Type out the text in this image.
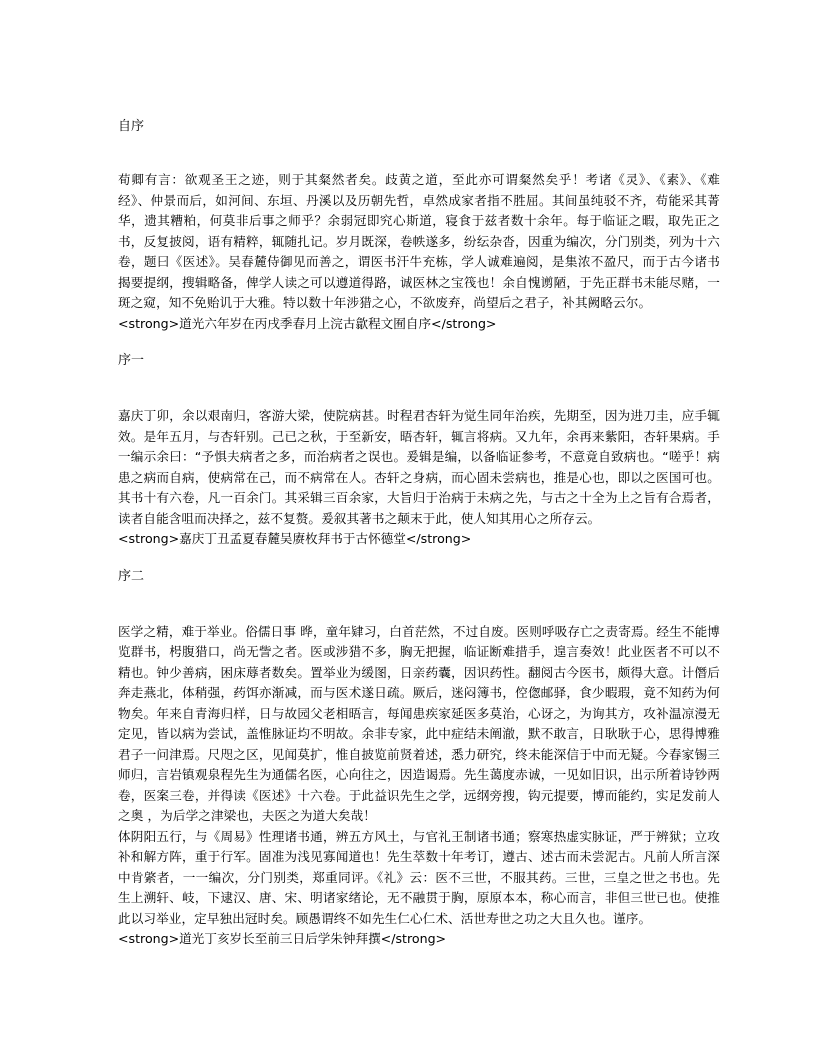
自序

荀卿有言：欲观圣王之迹，则于其粲然者矣。歧黄之道，至此亦可谓粲然矣乎！考诸《灵》、《素》、《难经》、仲景而后，如河间、东垣、丹溪以及历朝先哲，卓然成家者指不胜屈。其间虽纯驳不齐，苟能采其菁华，遗其糟粕，何莫非后事之师乎？余弱冠即究心斯道，寝食于兹者数十余年。每于临证之暇，取先正之书，反复披阅，语有精粹，辄随扎记。岁月既深，卷帙遂多，纷纭杂沓，因重为编次，分门别类，列为十六卷，题曰《医述》。吴春麓侍御见而善之，谓医书汗牛充栋，学人诚难遍阅，是集浓不盈尺，而于古今诸书揭要提纲，搜辑略备，俾学人读之可以遵道得路，诚医林之宝筏也！余自愧谫陋，于先正群书未能尽赌，一斑之窥，知不免贻讥于大雅。特以数十年涉猎之心，不欲废弃，尚望后之君子，补其阙略云尔。

<strong>道光六年岁在丙戌季春月上浣古歙程文囿自序</strong>

序一

嘉庆丁卯，余以艰南归，客游大梁，使院病甚。时程君杏轩为觉生同年治疾，先期至，因为进刀圭，应手辄效。是年五月，与杏轩别。己已之秋，于至新安，晤杏轩，辄言将病。又九年，余再来紫阳，杏轩果病。手一编示余曰：“予惧夫病者之多，而治病者之误也。爰辑是编，以备临证参考，不意竟自致病也。“嗟乎！病患之病而自病，使病常在己，而不病常在人。杏轩之身病，而心固未尝病也，推是心也，即以之医国可也。其书十有六卷，凡一百余门。其采辑三百余家，大旨归于治病于未病之先，与古之十全为上之旨有合焉者，读者自能含咀而决择之，兹不复赘。爰叙其著书之颠末于此，使人知其用心之所存云。

<strong>嘉庆丁丑孟夏春麓吴赓枚拜书于古怀德堂</strong>

序二

医学之精，难于举业。俗儒日事 晔，童年肄习，白首茫然，不过自废。医则呼吸存亡之责寄焉。经生不能博览群书，枵腹猎口，尚无訾之者。医或涉猎不多，胸无把握，临证断难措手，遑言奏效！此业医者不可以不精也。钟少善病，困床蓐者数矣。置举业为缓图，日亲药囊，因识药性。翻阅古今医书，颇得大意。计僭后奔走燕北，体稍强，药饵亦渐减，而与医术遂日疏。厥后，迷闷簿书，倥偬邮驿，食少暇瑕，竟不知药为何物矣。年来自青海归样，日与故园父老相晤言，每闻患疾家延医多莫治，心讶之，为询其方，攻补温凉漫无定见，皆以病为尝试，盖惟脉证均不明故。余非专家，此中症结未阐澈，默不敢言，日耿耿于心，思得博雅君子一问津焉。尺咫之区，见闻莫扩，惟自披览前贤着述，悉力研究，终未能深信于中而无疑。今春家锡三师归，言岩镇观泉程先生为通儒名医，心向往之，因造谒焉。先生蔼度赤诚，一见如旧识，出示所着诗钞两卷，医案三卷，并得读《医述》十六卷。于此益识先生之学，远纲旁搜，钩元提要，博而能约，实足发前人之奥 ，为后学之津梁也，夫医之为道大矣哉！

体阴阳五行，与《周易》性理诸书通，辨五方风土，与官礼王制诸书通；察寒热虚实脉证，严于辨狱；立攻补和解方阵，重于行军。固准为浅见寡闻道也！先生萃数十年考订，遵古、述古而未尝泥古。凡前人所言深中肯綮者，一一编次，分门别类，郑重同评。《礼》云：医不三世，不服其药。三世，三皇之世之书也。先生上溯轩、岐，下逮汉、唐、宋、明诸家绪论，无不融贯于胸，原原本本，称心而言，非但三世已也。使推此以习举业，定早独出冠时矣。顾愚谓终不如先生仁心仁术、活世寿世之功之大且久也。谨序。

<strong>道光丁亥岁长至前三日后学朱钟拜撰</strong>
